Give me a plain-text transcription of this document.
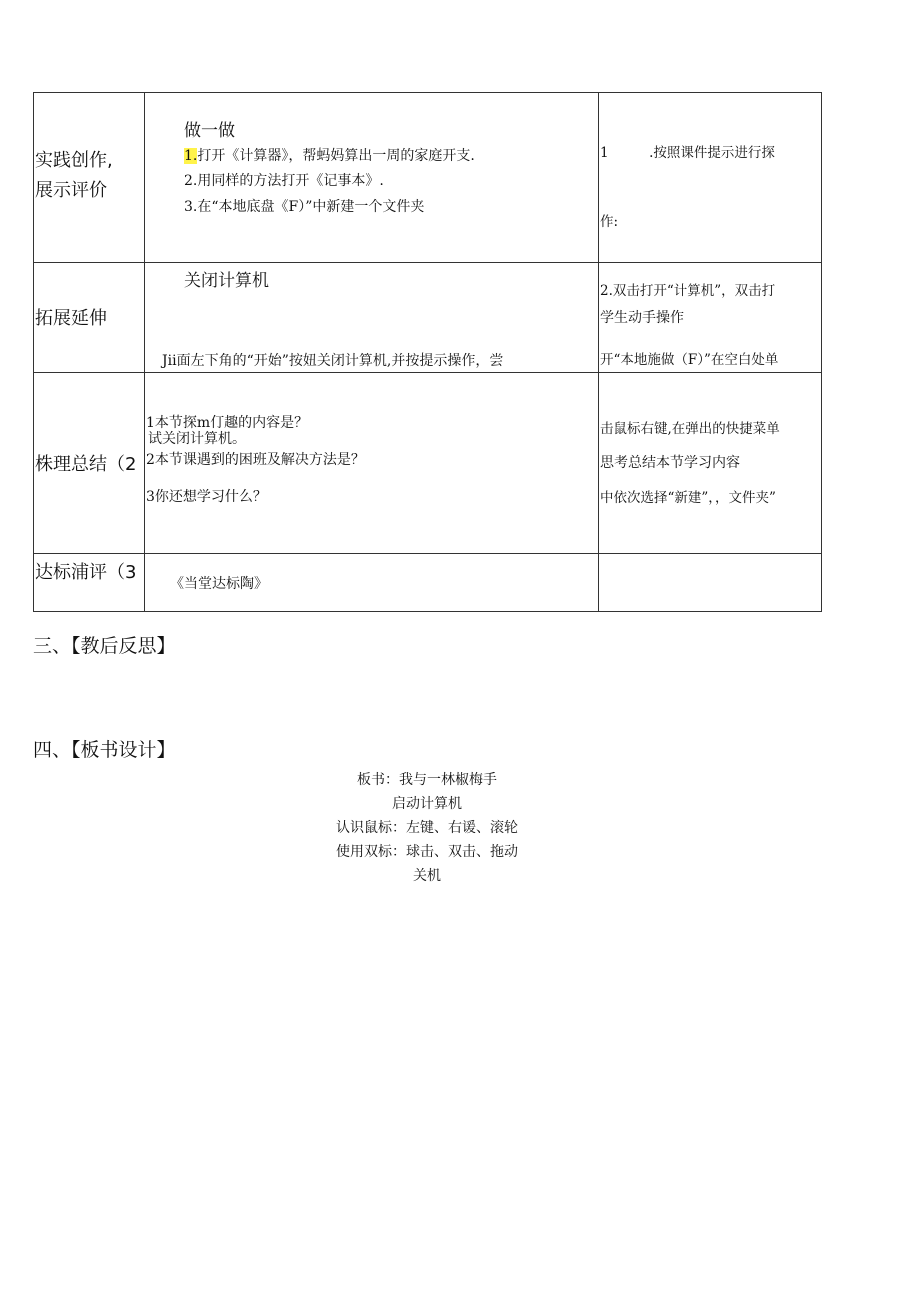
实践创作,
展示评价
做一做
1.打开《计算器》，帮蚂妈算出一周的家庭开支.
2.用同样的方法打开《记事本》.
3.在“本地底盘《F）”中新建一个文件夹

1　　　.按照课件提示进行探

作:

2.双击打开“计算机”，双击打

开“本地施做（F）”在空白处单

击鼠标右键,在弹出的快捷菜单

中依次选择“新建”，，文件夹”

拓展延伸
关闭计算机

　Jii面左下角的“开始”按妞关闭计算机,并按提示操作，尝

试关闭计算机。

学生动手操作
株理总结（2
1本节探m仃趣的内容是？
2本节课遇到的困班及解决方法是？
3你还想学习什么？
思考总结本节学习内容
达标浦评（3
《当堂达标陶》
三、【教后反思】
四、【板书设计】
板书：我与一林椒梅手
启动计算机
认识鼠标：左键、右谖、滚轮
使用双标：球击、双击、拖动
关机
